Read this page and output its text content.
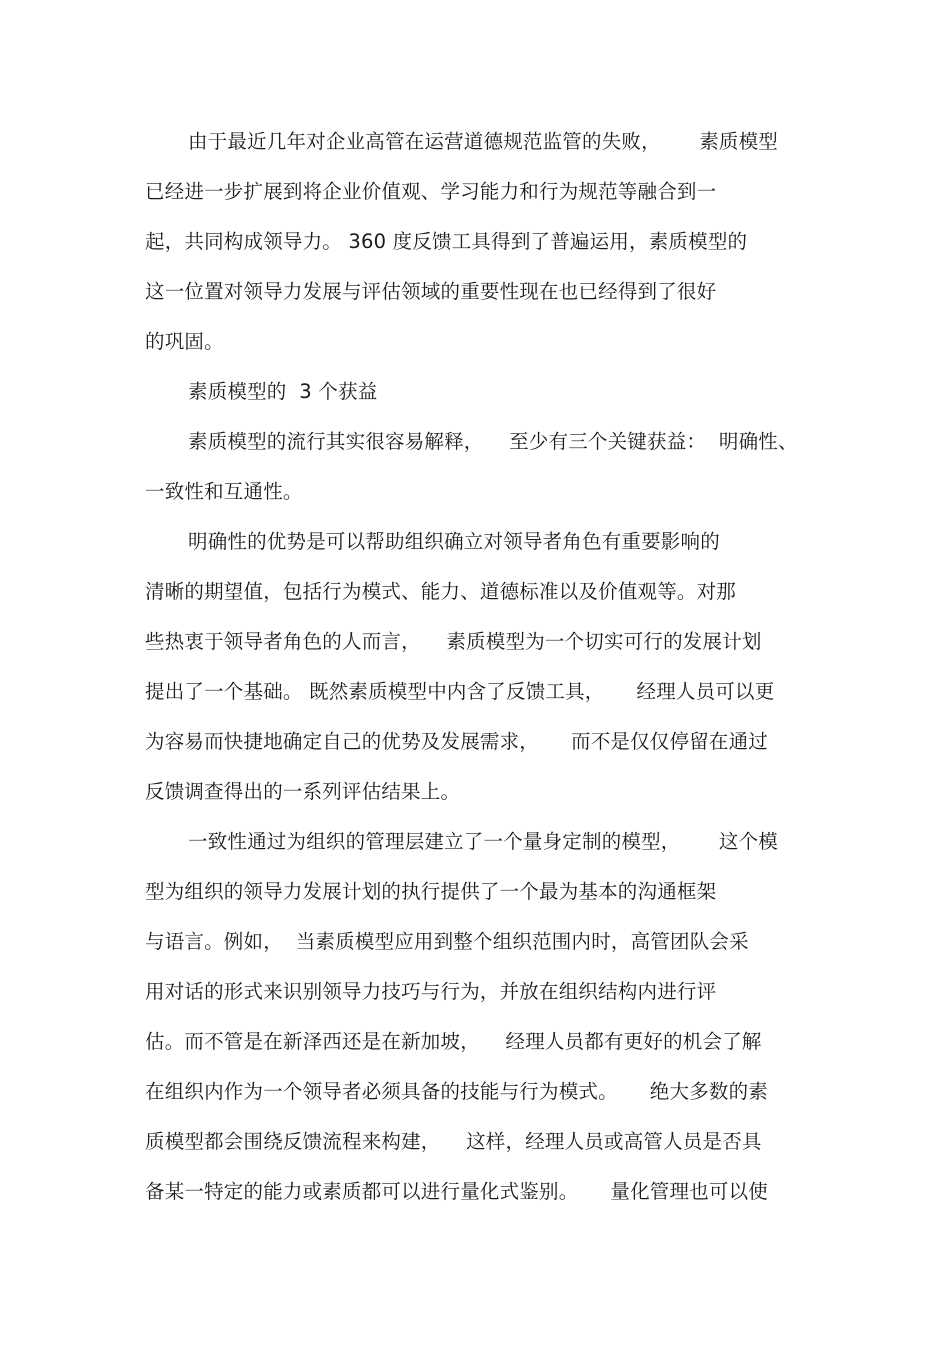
由于最近几年对企业高管在运营道德规范监管的失败，      素质模型
已经进一步扩展到将企业价值观、学习能力和行为规范等融合到一
起，共同构成领导力。 360 度反馈工具得到了普遍运用，素质模型的
这一位置对领导力发展与评估领域的重要性现在也已经得到了很好
的巩固。
素质模型的  3 个获益
素质模型的流行其实很容易解释，    至少有三个关键获益：  明确性、
一致性和互通性。
明确性的优势是可以帮助组织确立对领导者角色有重要影响的
清晰的期望值，包括行为模式、能力、道德标准以及价值观等。对那
些热衷于领导者角色的人而言，    素质模型为一个切实可行的发展计划
提出了一个基础。 既然素质模型中内含了反馈工具，     经理人员可以更
为容易而快捷地确定自己的优势及发展需求，     而不是仅仅停留在通过
反馈调查得出的一系列评估结果上。
一致性通过为组织的管理层建立了一个量身定制的模型，      这个模
型为组织的领导力发展计划的执行提供了一个最为基本的沟通框架
与语言。例如，  当素质模型应用到整个组织范围内时，高管团队会采
用对话的形式来识别领导力技巧与行为，并放在组织结构内进行评
估。而不管是在新泽西还是在新加坡，    经理人员都有更好的机会了解
在组织内作为一个领导者必须具备的技能与行为模式。     绝大多数的素
质模型都会围绕反馈流程来构建，    这样，经理人员或高管人员是否具
备某一特定的能力或素质都可以进行量化式鉴别。     量化管理也可以使
